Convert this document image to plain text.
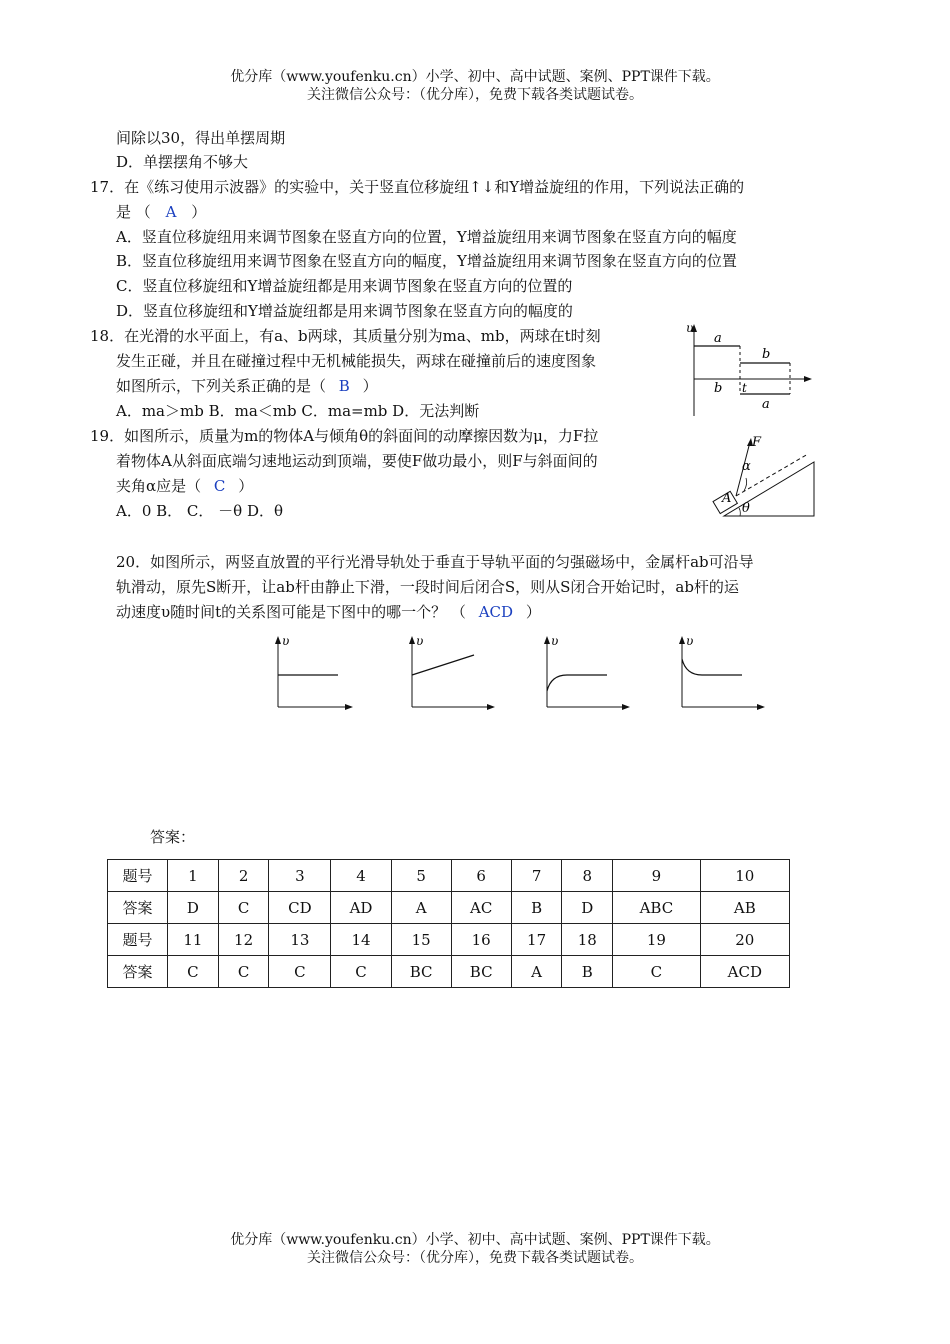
优分库（www.youfenku.cn）小学、初中、高中试题、案例、PPT课件下载。
关注微信公众号：（优分库），免费下载各类试题试卷。
间除以30，得出单摆周期
D．单摆摆角不够大
17．在《练习使用示波器》的实验中，关于竖直位移旋纽↑↓和Y增益旋纽的作用，下列说法正确的
是 （ A ）
A．竖直位移旋纽用来调节图象在竖直方向的位置，Y增益旋纽用来调节图象在竖直方向的幅度
B．竖直位移旋纽用来调节图象在竖直方向的幅度，Y增益旋纽用来调节图象在竖直方向的位置
C．竖直位移旋纽和Y增益旋纽都是用来调节图象在竖直方向的位置的
D．竖直位移旋纽和Y增益旋纽都是用来调节图象在竖直方向的幅度的
18．在光滑的水平面上，有a、b两球，其质量分别为ma、mb，两球在t时刻
发生正碰，并且在碰撞过程中无机械能损失，两球在碰撞前后的速度图象
如图所示，下列关系正确的是（ B ）
A．ma＞mb B．ma＜mb C．ma=mb D．无法判断
υ
a
b
b t
a
19．如图所示，质量为m的物体A与倾角θ的斜面间的动摩擦因数为μ，力F拉
着物体A从斜面底端匀速地运动到顶端，要使F做功最小，则F与斜面间的
夹角α应是（ C ）
A．0 B． C． －θ D．θ
F
α
A
θ
20．如图所示，两竖直放置的平行光滑导轨处于垂直于导轨平面的匀强磁场中，金属杆ab可沿导
轨滑动，原先S断开，让ab杆由静止下滑，一段时间后闭合S，则从S闭合开始记时，ab杆的运
动速度υ随时间t的关系图可能是下图中的哪一个？ （ ACD ）
υ	υ	υ	υ
答案：
题号	1	2	3	4	5	6	7	8	9	10
答案	D	C	CD	AD	A	AC	B	D	ABC	AB
题号	11	12	13	14	15	16	17	18	19	20
答案	C	C	C	C	BC	BC	A	B	C	ACD
优分库（www.youfenku.cn）小学、初中、高中试题、案例、PPT课件下载。
关注微信公众号：（优分库），免费下载各类试题试卷。
